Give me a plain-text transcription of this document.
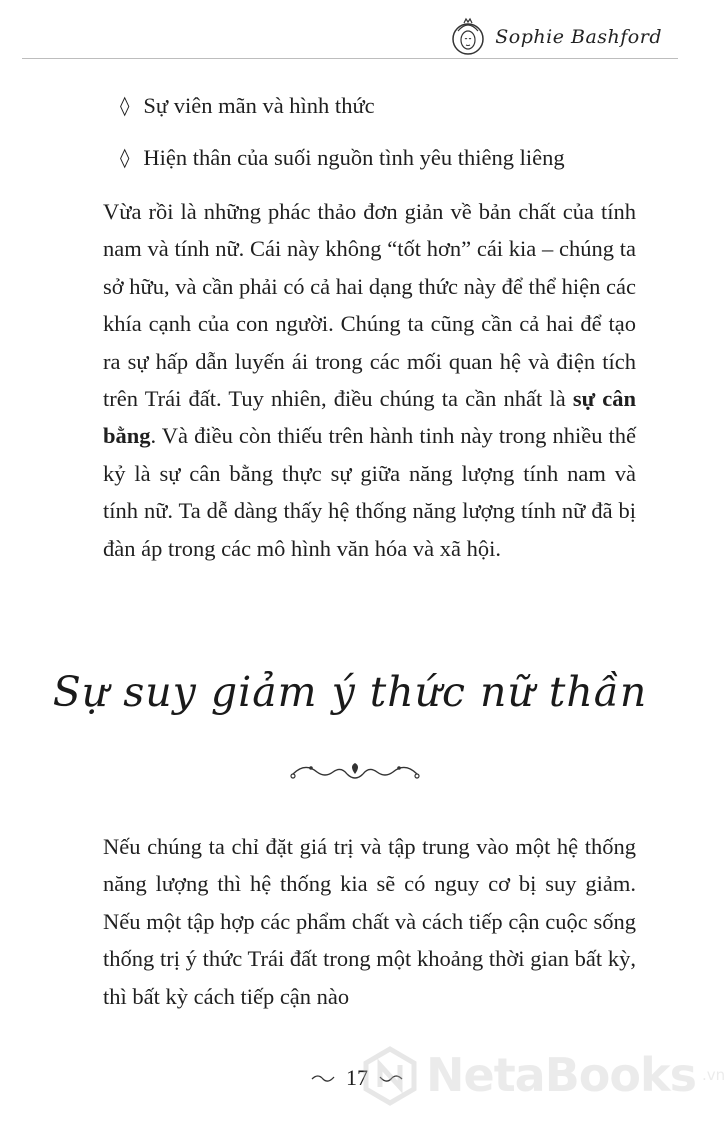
Sophie Bashford
◊ Sự viên mãn và hình thức
◊ Hiện thân của suối nguồn tình yêu thiêng liêng

Vừa rồi là những phác thảo đơn giản về bản chất của tính nam và tính nữ. Cái này không “tốt hơn” cái kia – chúng ta sở hữu, và cần phải có cả hai dạng thức này để thể hiện các khía cạnh của con người. Chúng ta cũng cần cả hai để tạo ra sự hấp dẫn luyến ái trong các mối quan hệ và điện tích trên Trái đất. Tuy nhiên, điều chúng ta cần nhất là sự cân bằng. Và điều còn thiếu trên hành tinh này trong nhiều thế kỷ là sự cân bằng thực sự giữa năng lượng tính nam và tính nữ. Ta dễ dàng thấy hệ thống năng lượng tính nữ đã bị đàn áp trong các mô hình văn hóa và xã hội.

Sự suy giảm ý thức nữ thần

Nếu chúng ta chỉ đặt giá trị và tập trung vào một hệ thống năng lượng thì hệ thống kia sẽ có nguy cơ bị suy giảm. Nếu một tập hợp các phẩm chất và cách tiếp cận cuộc sống thống trị ý thức Trái đất trong một khoảng thời gian bất kỳ, thì bất kỳ cách tiếp cận nào

17 NetaBooks .vn
